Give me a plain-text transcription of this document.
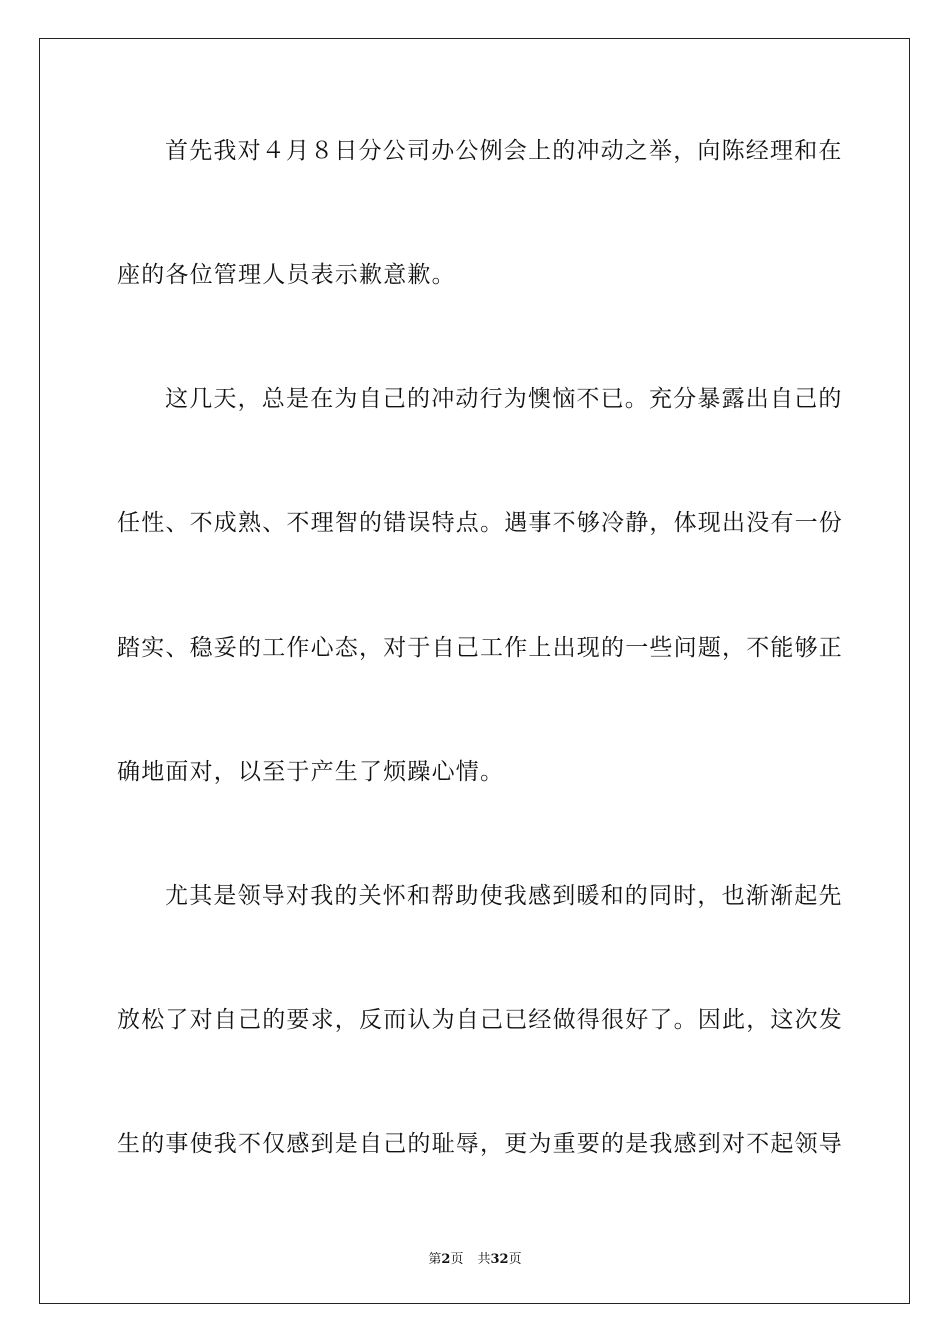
首先我对４月８日分公司办公例会上的冲动之举，向陈经理和在
座的各位管理人员表示歉意歉。
这几天，总是在为自己的冲动行为懊恼不已。充分暴露出自己的
任性、不成熟、不理智的错误特点。遇事不够冷静，体现出没有一份
踏实、稳妥的工作心态，对于自己工作上出现的一些问题，不能够正
确地面对，以至于产生了烦躁心情。
尤其是领导对我的关怀和帮助使我感到暖和的同时，也渐渐起先
放松了对自己的要求，反而认为自己已经做得很好了。因此，这次发
生的事使我不仅感到是自己的耻辱，更为重要的是我感到对不起领导
第2页 共32页
